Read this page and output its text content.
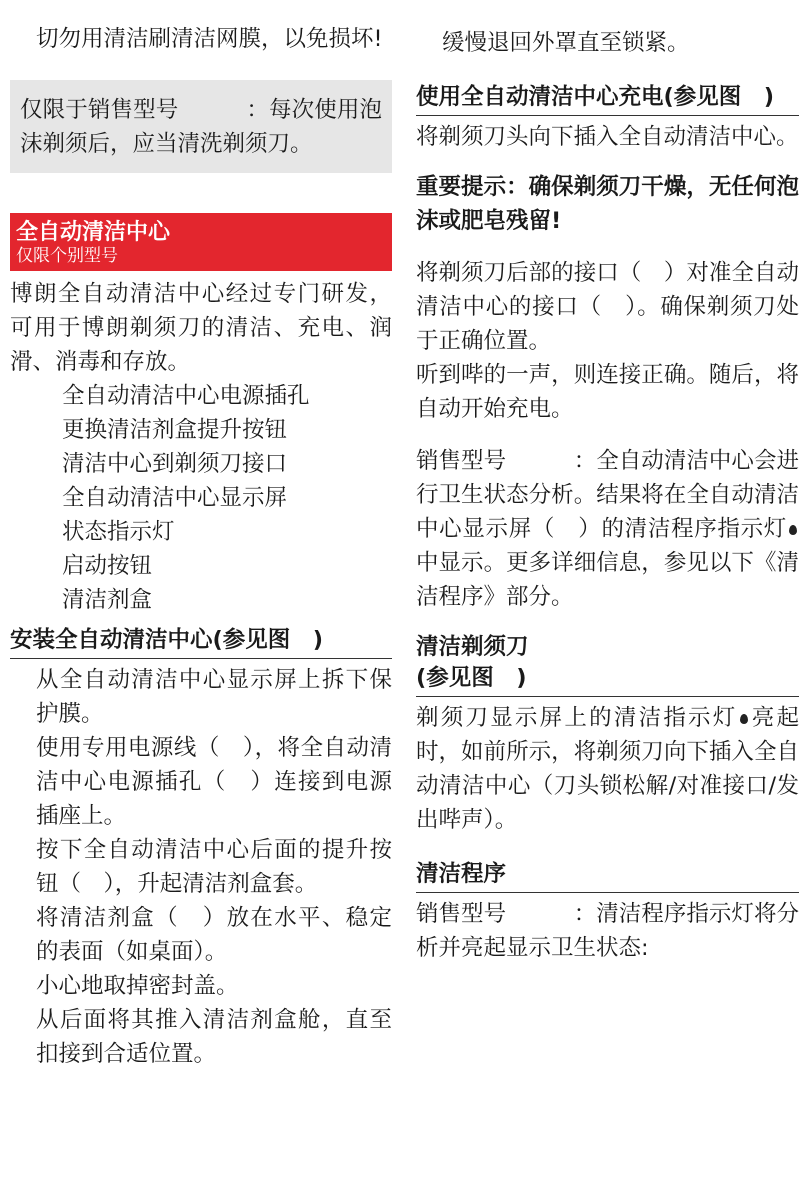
切勿用清洁刷清洁网膜，以免损坏!

仅限于销售型号　　　：每次使用泡沫剃须后，应当清洗剃须刀。

全自动清洁中心
仅限个别型号

博朗全自动清洁中心经过专门研发，可用于博朗剃须刀的清洁、充电、润滑、消毒和存放。

全自动清洁中心电源插孔

更换清洁剂盒提升按钮

清洁中心到剃须刀接口

全自动清洁中心显示屏

状态指示灯

启动按钮

清洁剂盒

安装全自动清洁中心(参见图　)

从全自动清洁中心显示屏上拆下保护膜。

使用专用电源线（　），将全自动清洁中心电源插孔（　）连接到电源插座上。

按下全自动清洁中心后面的提升按钮（　），升起清洁剂盒套。

将清洁剂盒（　）放在水平、稳定的表面（如桌面）。

小心地取掉密封盖。

从后面将其推入清洁剂盒舱，直至扣接到合适位置。

缓慢退回外罩直至锁紧。

使用全自动清洁中心充电(参见图　)

将剃须刀头向下插入全自动清洁中心。

重要提示：确保剃须刀干燥，无任何泡沫或肥皂残留!

将剃须刀后部的接口（　）对准全自动清洁中心的接口（　）。确保剃须刀处于正确位置。

听到哔的一声，则连接正确。随后，将自动开始充电。

销售型号　　　：全自动清洁中心会进行卫生状态分析。结果将在全自动清洁中心显示屏（　）的清洁程序指示灯中显示。更多详细信息，参见以下《清洁程序》部分。

清洁剃须刀
(参见图　)

剃须刀显示屏上的清洁指示灯 亮起时，如前所示，将剃须刀向下插入全自动清洁中心（刀头锁松解/对准接口/发出哔声）。

清洁程序

销售型号　　　：清洁程序指示灯将分析并亮起显示卫生状态:
